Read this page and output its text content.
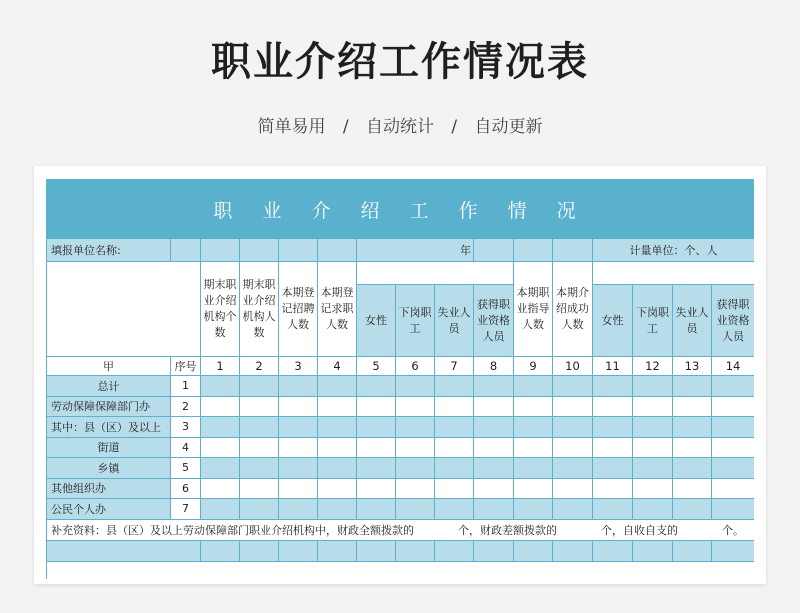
职业介绍工作情况表
简单易用 / 自动统计 / 自动更新
职 业 介 绍 工 作 情 况															
填报单位名称:						年						计量单位：个、人			
		期末职业介绍机构个数	期末职业介绍机构人数	本期登记招聘人数	本期登记求职人数					本期职业指导人数	本期介绍成功人数				
						女性	下岗职工	失业人员	获得职业资格人员			女性	下岗职工	失业人员	获得职业资格人员
甲	序号	1	2	3	4	5	6	7	8	9	10	11	12	13	14
总计	1														
劳动保障保障部门办	2														
其中：县（区）及以上	3														
街道	4														
乡镇	5														
其他组织办	6														
公民个人办	7														
补充资料：县（区）及以上劳动保障部门职业介绍机构中，财政全额拨款的　　　　个，财政差额拨款的　　　　个，自收自支的　　　　个。															
